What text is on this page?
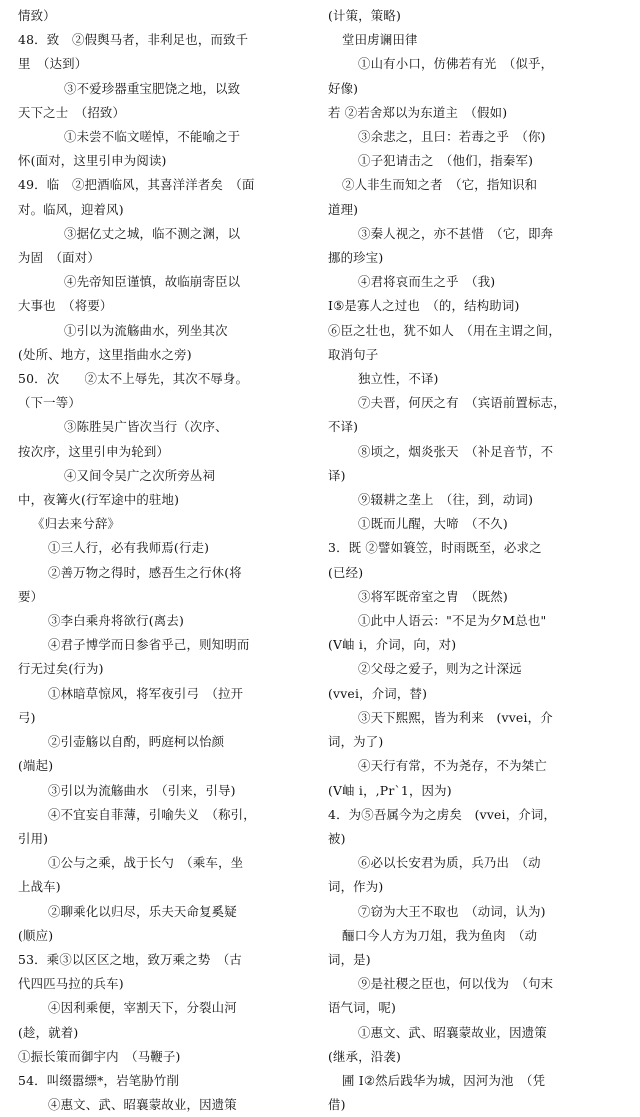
情致）
48．致　②假舆马者，非利足也，而致千
里　（达到）
③不爱珍器重宝肥饶之地，以致
天下之士　（招致）
①未尝不临文嗟悼，不能喻之于
怀(面对，这里引申为阅读)
49．临　②把酒临风，其喜洋洋者矣　（面
对。临风，迎着风)
③据亿丈之城，临不测之渊，以
为固　（面对）
④先帝知臣谨慎，故临崩寄臣以
大事也　（将要）
①引以为流觞曲水，列坐其次
(处所、地方，这里指曲水之旁)
50．次　　②太不上辱先，其次不辱身。
（下一等）
③陈胜吴广皆次当行（次序、
按次序，这里引申为轮到）
④又间令吴广之次所旁丛祠
中，夜篝火(行军途中的驻地)
《归去来兮辞》
①三人行，必有我师焉(行走)
②善万物之得时，感吾生之行休(将
要）
③李白乘舟将欲行(离去)
④君子博学而日参省乎己，则知明而
行无过矣(行为)
①林暗草惊风，将军夜引弓　（拉开
弓)
②引壶觞以自酌，眄庭柯以怡颜
(端起)
③引以为流觞曲水　（引来，引导)
④不宜妄自菲薄，引喻失义　（称引，
引用)
①公与之乘，战于长勺　（乘车，坐
上战车)
②聊乘化以归尽，乐夫天命复奚疑
(顺应)
53．乘③以区区之地，致万乘之势　（古
代四匹马拉的兵车)
④因利乘便，宰割天下，分裂山河
(趁，就着)
①振长策而御宇内　（马鞭子)
54．叫缀嚣缥*，岩笔胁竹削
④惠文、武、昭襄蒙故业，因遗策
(计策，策略)
堂田虏谰田律
①山有小口，仿佛若有光　（似乎，
好像)
若 ②若舍郑以为东道主　（假如)
③余悲之，且曰：若毒之乎　（你)
①子犯请击之　（他们，指秦军)
②人非生而知之者　（它，指知识和
道理)
③秦人视之，亦不甚惜　（它，即奔
挪的珍宝)
④君将哀而生之乎　（我)
I⑤是寡人之过也　（的，结构助词)
⑥臣之壮也，犹不如人　（用在主谓之间，
取消句子
独立性，不译)
⑦夫晋，何厌之有　（宾语前置标志，
不译)
⑧顷之，烟炎张天　（补足音节，不
译)
⑨辍耕之垄上　（往，到，动词)
①既而儿醒，大啼　（不久)
3．既 ②譬如簑笠，时雨既至，必求之
(已经)
③将军既帝室之胄　（既然)
①此中人语云："不足为夕M总也"
(V岫 i，介词，向，对)
②父母之爱子，则为之计深远
(vvei，介词，替)
③天下熙熙，皆为利来　(vvei，介
词，为了)
④天行有常，不为尧存，不为桀亡
(V岫 i，,Pr`1，因为)
4．为⑤吾属今为之虏矣　(vvei，介词，
被)
⑥必以长安君为质，兵乃出　（动
词，作为)
⑦窃为大王不取也　（动词，认为)
酾口今人方为刀俎，我为鱼肉　（动
词，是)
⑨是社稷之臣也，何以伐为　（句末
语气词，呢)
①惠文、武、昭襄蒙故业，因遗策
(继承，沿袭)
圃 I②然后践华为城，因河为池　（凭
借)
